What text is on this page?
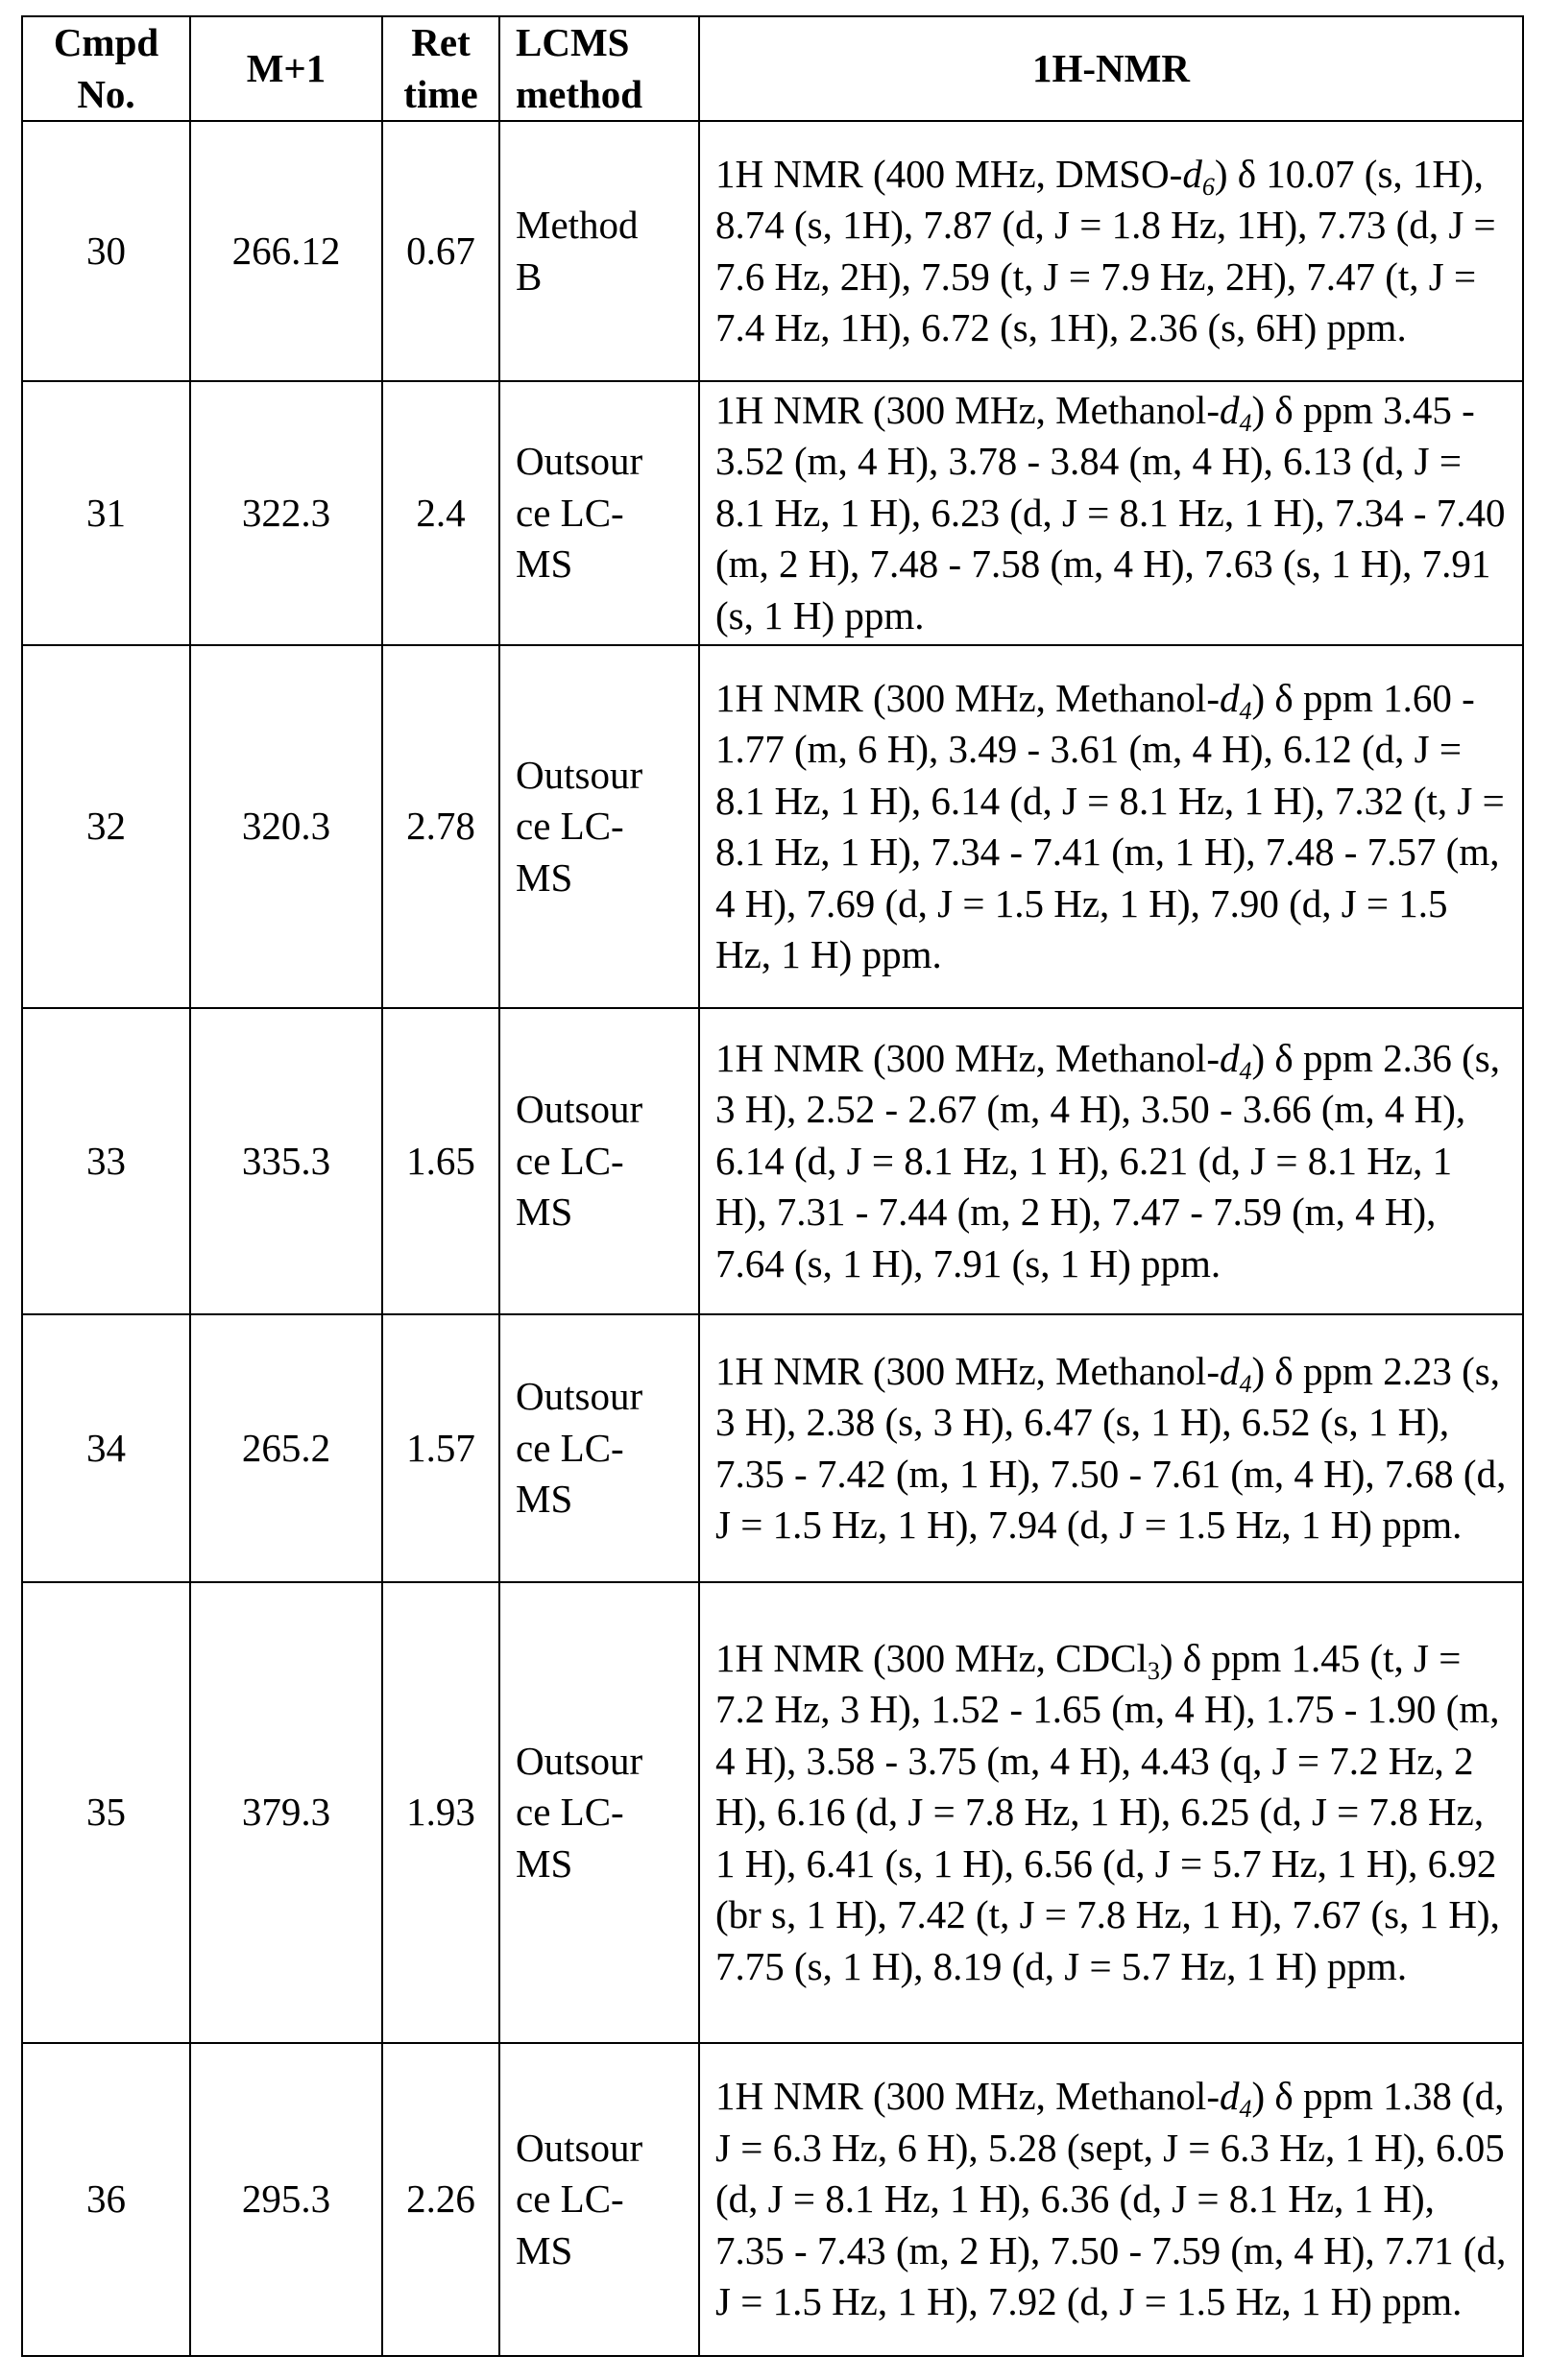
Cmpd
No.	M+1	Ret
time	LCMS
method	1H-NMR
30	266.12	0.67	Method
B	1H NMR (400 MHz, DMSO-d6) δ 10.07 (s, 1H), 8.74 (s, 1H), 7.87 (d, J = 1.8 Hz, 1H), 7.73 (d, J = 7.6 Hz, 2H), 7.59 (t, J = 7.9 Hz, 2H), 7.47 (t, J = 7.4 Hz, 1H), 6.72 (s, 1H), 2.36 (s, 6H) ppm.
31	322.3	2.4	Outsour
ce LC-
MS	1H NMR (300 MHz, Methanol-d4) δ ppm 3.45 - 3.52 (m, 4 H), 3.78 - 3.84 (m, 4 H), 6.13 (d, J = 8.1 Hz, 1 H), 6.23 (d, J = 8.1 Hz, 1 H), 7.34 - 7.40 (m, 2 H), 7.48 - 7.58 (m, 4 H), 7.63 (s, 1 H), 7.91 (s, 1 H) ppm.
32	320.3	2.78	Outsour
ce LC-
MS	1H NMR (300 MHz, Methanol-d4) δ ppm 1.60 - 1.77 (m, 6 H), 3.49 - 3.61 (m, 4 H), 6.12 (d, J = 8.1 Hz, 1 H), 6.14 (d, J = 8.1 Hz, 1 H), 7.32 (t, J = 8.1 Hz, 1 H), 7.34 - 7.41 (m, 1 H), 7.48 - 7.57 (m, 4 H), 7.69 (d, J = 1.5 Hz, 1 H), 7.90 (d, J = 1.5 Hz, 1 H) ppm.
33	335.3	1.65	Outsour
ce LC-
MS	1H NMR (300 MHz, Methanol-d4) δ ppm 2.36 (s, 3 H), 2.52 - 2.67 (m, 4 H), 3.50 - 3.66 (m, 4 H), 6.14 (d, J = 8.1 Hz, 1 H), 6.21 (d, J = 8.1 Hz, 1 H), 7.31 - 7.44 (m, 2 H), 7.47 - 7.59 (m, 4 H), 7.64 (s, 1 H), 7.91 (s, 1 H) ppm.
34	265.2	1.57	Outsour
ce LC-
MS	1H NMR (300 MHz, Methanol-d4) δ ppm 2.23 (s, 3 H), 2.38 (s, 3 H), 6.47 (s, 1 H), 6.52 (s, 1 H), 7.35 - 7.42 (m, 1 H), 7.50 - 7.61 (m, 4 H), 7.68 (d, J = 1.5 Hz, 1 H), 7.94 (d, J = 1.5 Hz, 1 H) ppm.
35	379.3	1.93	Outsour
ce LC-
MS	1H NMR (300 MHz, CDCl3) δ ppm 1.45 (t, J = 7.2 Hz, 3 H), 1.52 - 1.65 (m, 4 H), 1.75 - 1.90 (m, 4 H), 3.58 - 3.75 (m, 4 H), 4.43 (q, J = 7.2 Hz, 2 H), 6.16 (d, J = 7.8 Hz, 1 H), 6.25 (d, J = 7.8 Hz, 1 H), 6.41 (s, 1 H), 6.56 (d, J = 5.7 Hz, 1 H), 6.92 (br s, 1 H), 7.42 (t, J = 7.8 Hz, 1 H), 7.67 (s, 1 H), 7.75 (s, 1 H), 8.19 (d, J = 5.7 Hz, 1 H) ppm.
36	295.3	2.26	Outsour
ce LC-
MS	1H NMR (300 MHz, Methanol-d4) δ ppm 1.38 (d, J = 6.3 Hz, 6 H), 5.28 (sept, J = 6.3 Hz, 1 H), 6.05 (d, J = 8.1 Hz, 1 H), 6.36 (d, J = 8.1 Hz, 1 H), 7.35 - 7.43 (m, 2 H), 7.50 - 7.59 (m, 4 H), 7.71 (d, J = 1.5 Hz, 1 H), 7.92 (d, J = 1.5 Hz, 1 H) ppm.
